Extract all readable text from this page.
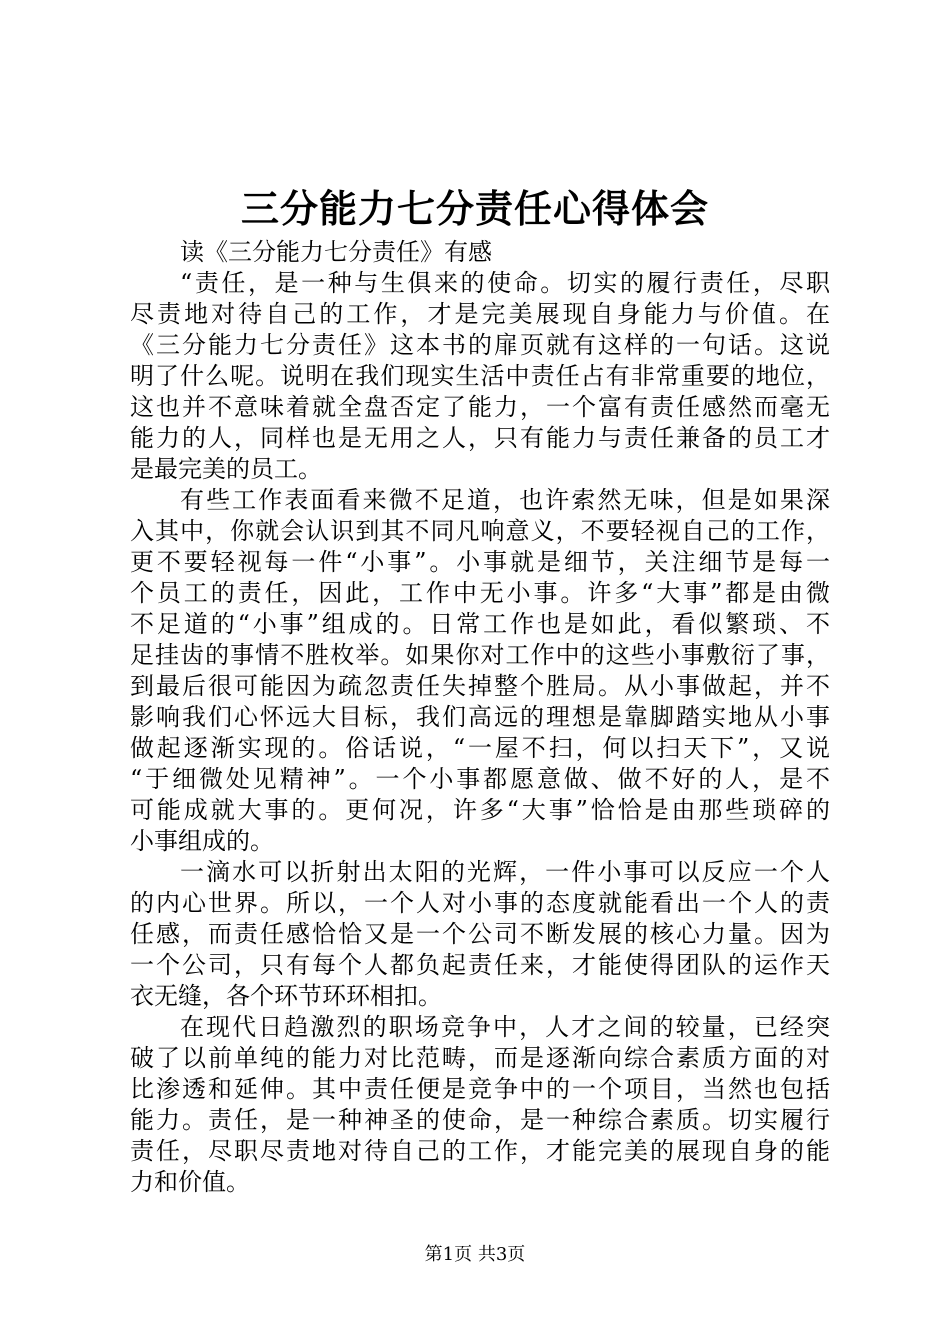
三分能力七分责任心得体会
读《三分能力七分责任》有感
“责任，是一种与生俱来的使命。切实的履行责任，尽职
尽责地对待自己的工作，才是完美展现自身能力与价值。在
《三分能力七分责任》这本书的扉页就有这样的一句话。这说
明了什么呢。说明在我们现实生活中责任占有非常重要的地位，
这也并不意味着就全盘否定了能力，一个富有责任感然而毫无
能力的人，同样也是无用之人，只有能力与责任兼备的员工才
是最完美的员工。
有些工作表面看来微不足道，也许索然无味，但是如果深
入其中，你就会认识到其不同凡响意义，不要轻视自己的工作，
更不要轻视每一件“小事”。小事就是细节，关注细节是每一
个员工的责任，因此，工作中无小事。许多“大事”都是由微
不足道的“小事”组成的。日常工作也是如此，看似繁琐、不
足挂齿的事情不胜枚举。如果你对工作中的这些小事敷衍了事，
到最后很可能因为疏忽责任失掉整个胜局。从小事做起，并不
影响我们心怀远大目标，我们高远的理想是靠脚踏实地从小事
做起逐渐实现的。俗话说，“一屋不扫，何以扫天下”，又说
“于细微处见精神”。一个小事都愿意做、做不好的人，是不
可能成就大事的。更何况，许多“大事”恰恰是由那些琐碎的
小事组成的。
一滴水可以折射出太阳的光辉，一件小事可以反应一个人
的内心世界。所以，一个人对小事的态度就能看出一个人的责
任感，而责任感恰恰又是一个公司不断发展的核心力量。因为
一个公司，只有每个人都负起责任来，才能使得团队的运作天
衣无缝，各个环节环环相扣。
在现代日趋激烈的职场竞争中，人才之间的较量，已经突
破了以前单纯的能力对比范畴，而是逐渐向综合素质方面的对
比渗透和延伸。其中责任便是竞争中的一个项目，当然也包括
能力。责任，是一种神圣的使命，是一种综合素质。切实履行
责任，尽职尽责地对待自己的工作，才能完美的展现自身的能
力和价值。
第1页 共3页
